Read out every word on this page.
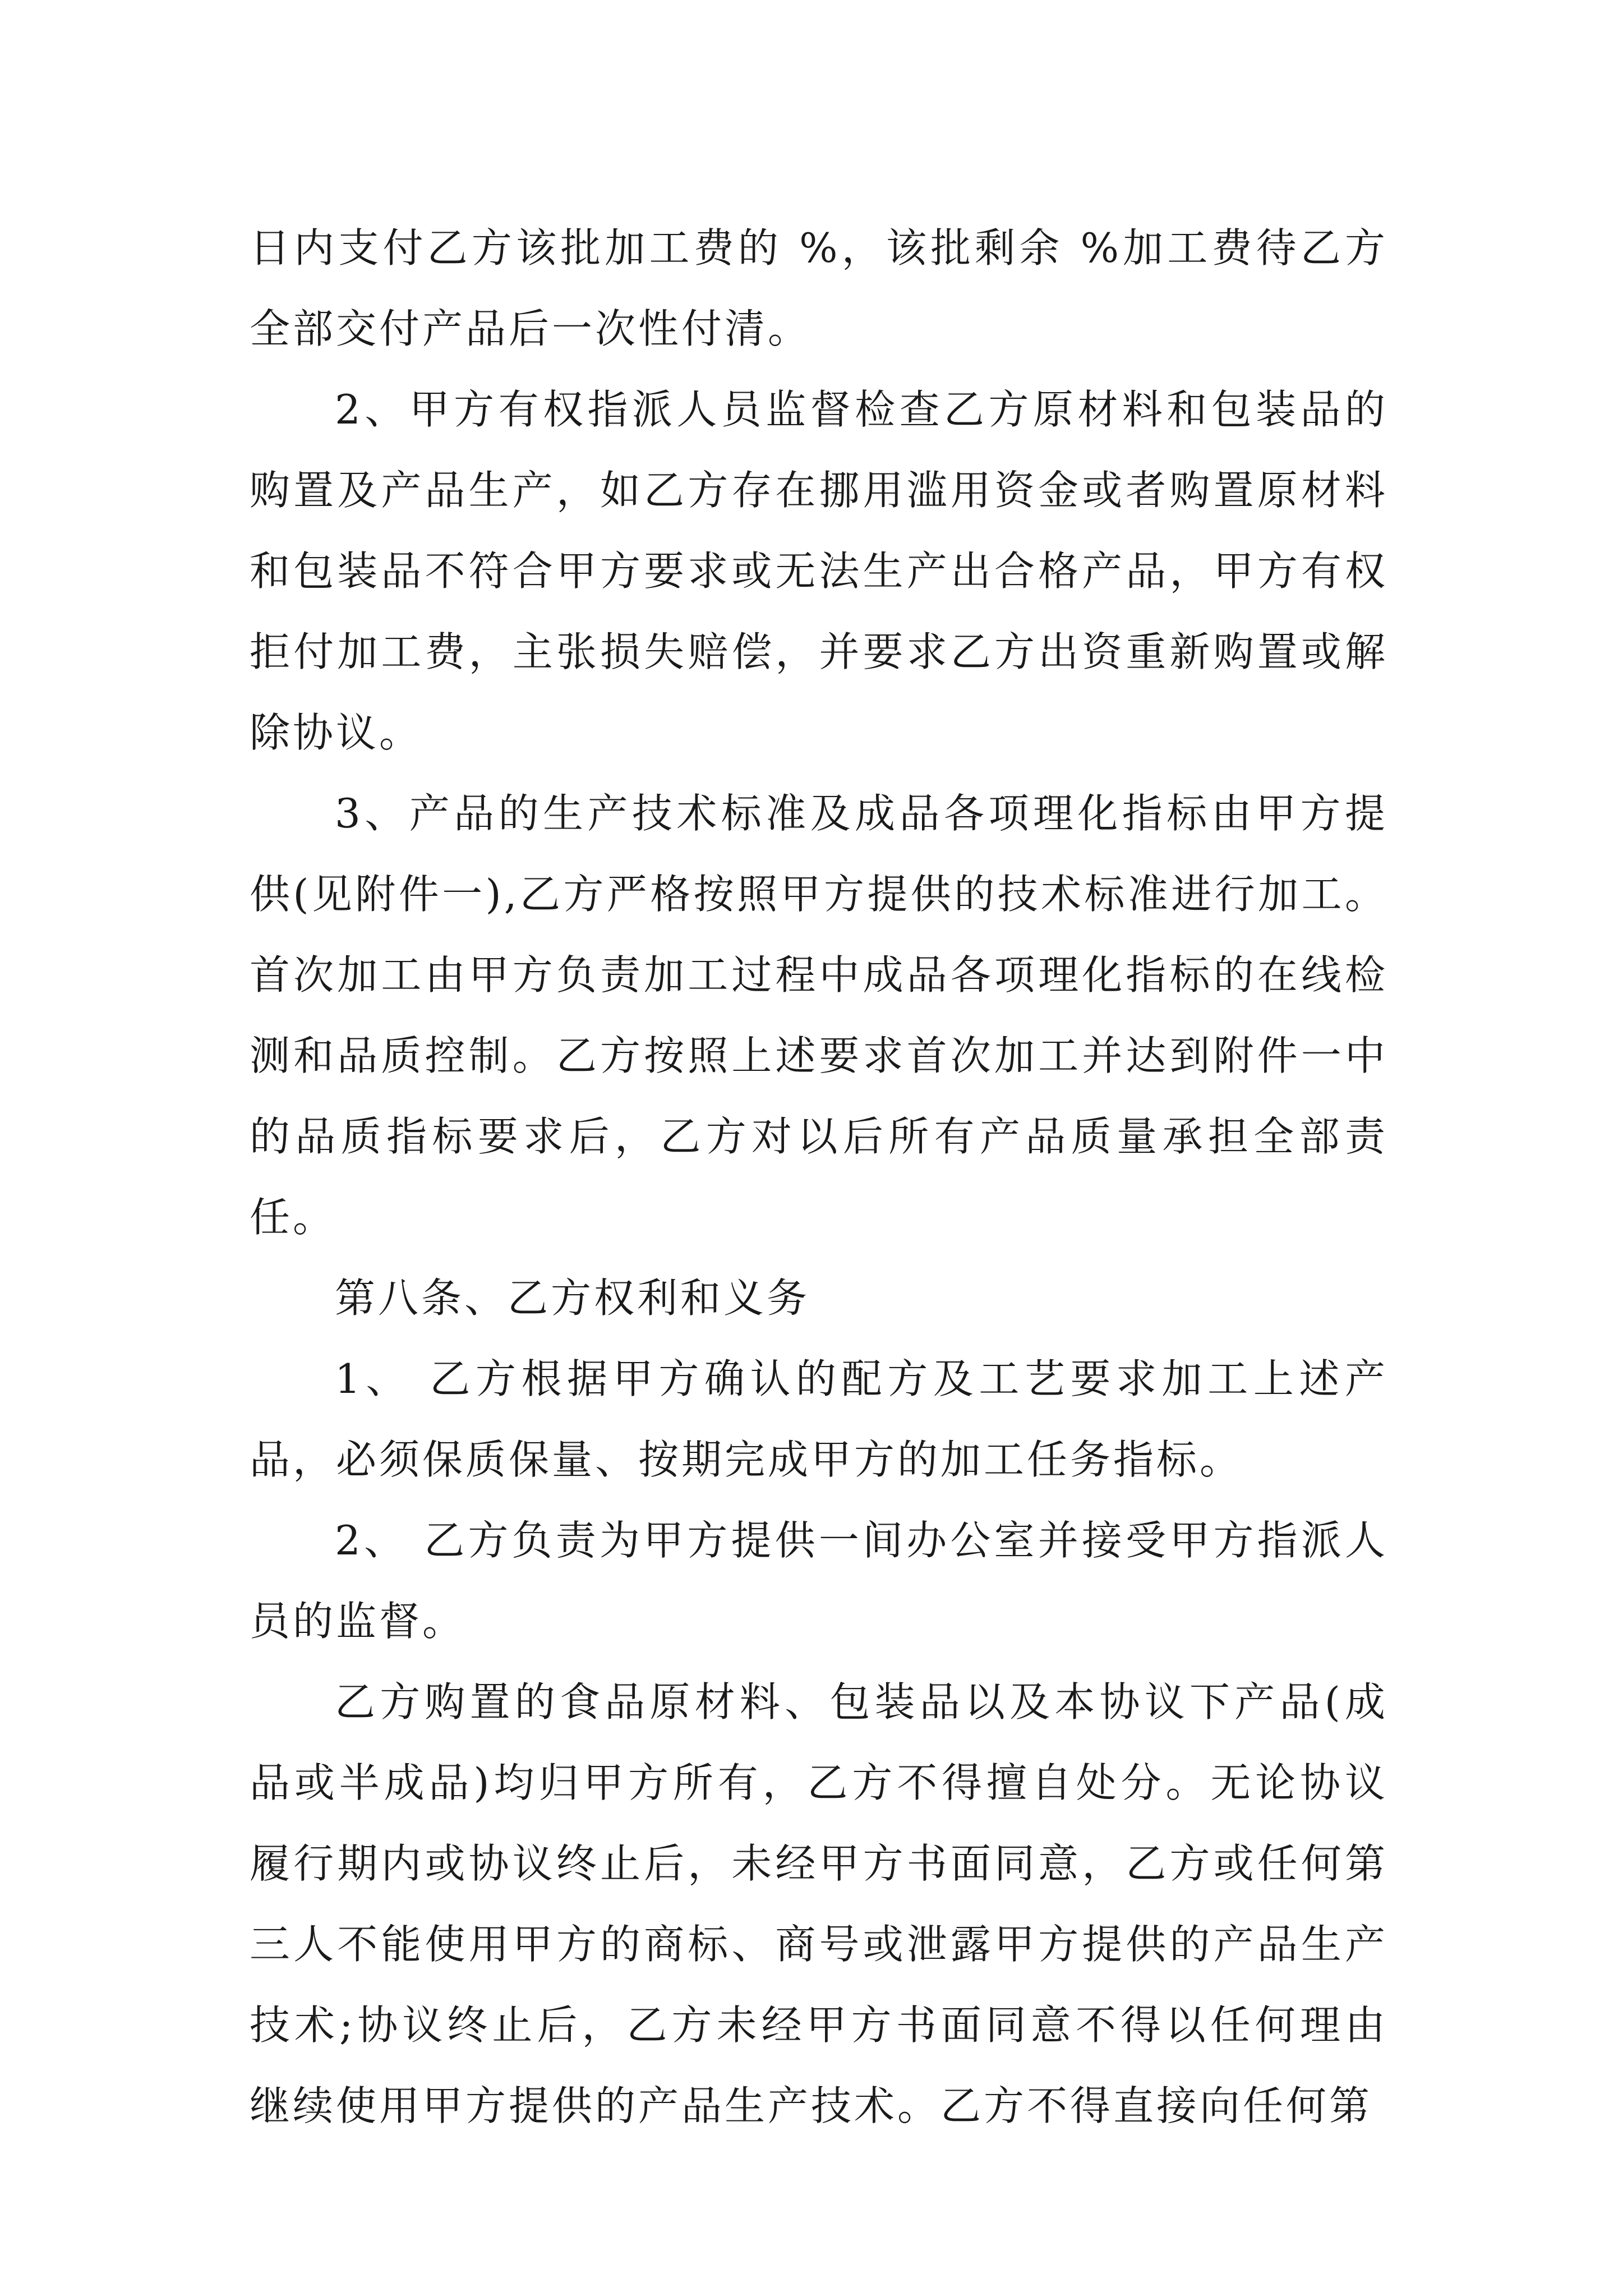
日内支付乙方该批加工费的 %，该批剩余 %加工费待乙方全部交付产品后一次性付清。

2、甲方有权指派人员监督检查乙方原材料和包装品的购置及产品生产，如乙方存在挪用滥用资金或者购置原材料和包装品不符合甲方要求或无法生产出合格产品，甲方有权拒付加工费，主张损失赔偿，并要求乙方出资重新购置或解除协议。

3、产品的生产技术标准及成品各项理化指标由甲方提供(见附件一),乙方严格按照甲方提供的技术标准进行加工。首次加工由甲方负责加工过程中成品各项理化指标的在线检测和品质控制。乙方按照上述要求首次加工并达到附件一中的品质指标要求后，乙方对以后所有产品质量承担全部责任。

第八条、乙方权利和义务

1、 乙方根据甲方确认的配方及工艺要求加工上述产品，必须保质保量、按期完成甲方的加工任务指标。

2、 乙方负责为甲方提供一间办公室并接受甲方指派人员的监督。

乙方购置的食品原材料、包装品以及本协议下产品(成品或半成品)均归甲方所有，乙方不得擅自处分。无论协议履行期内或协议终止后，未经甲方书面同意，乙方或任何第三人不能使用甲方的商标、商号或泄露甲方提供的产品生产技术;协议终止后，乙方未经甲方书面同意不得以任何理由继续使用甲方提供的产品生产技术。乙方不得直接向任何第
